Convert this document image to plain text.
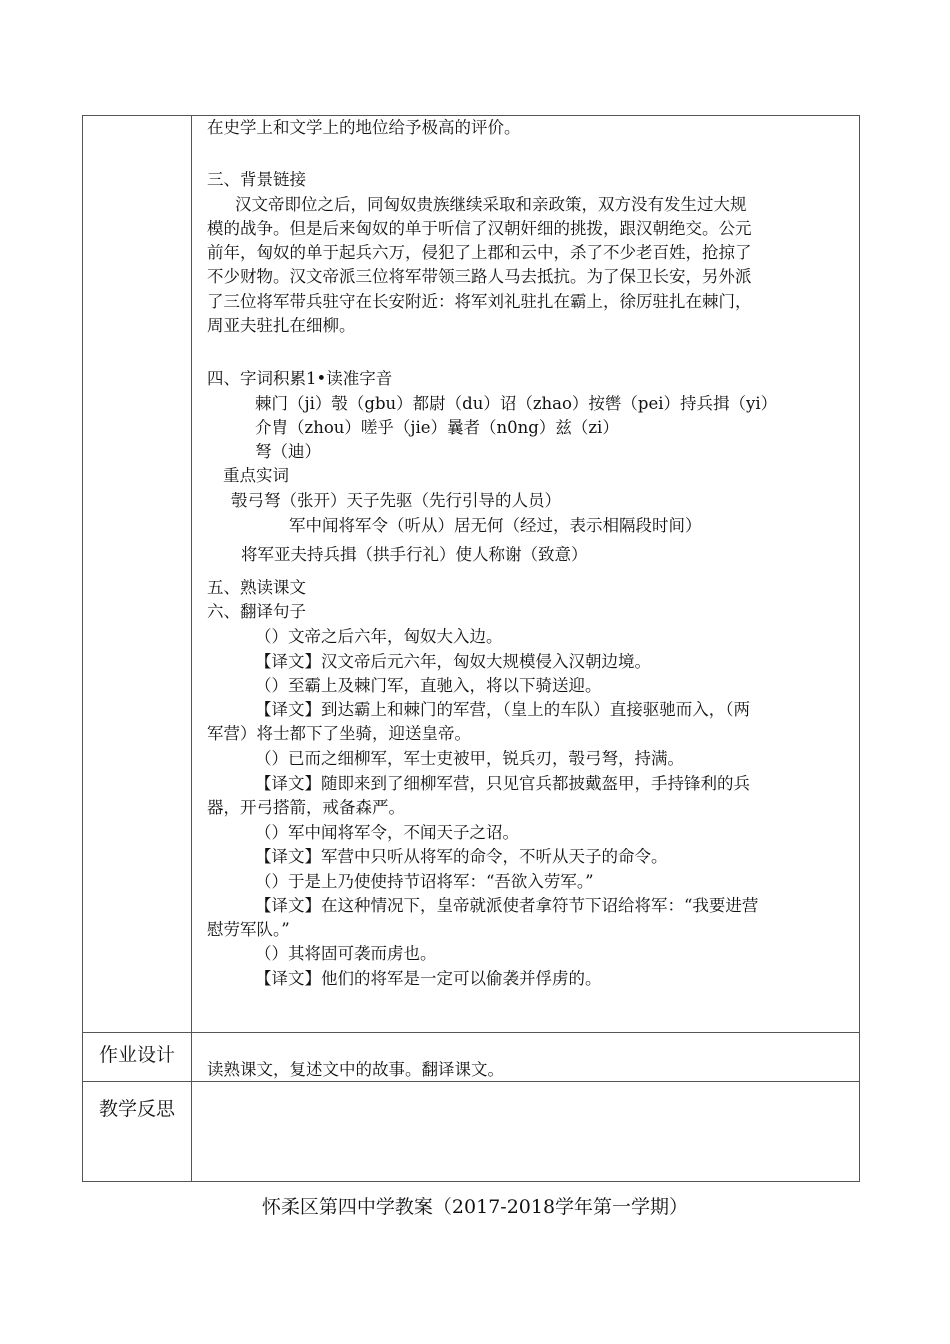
在史学上和文学上的地位给予极高的评价。
三、背景链接
汉文帝即位之后，同匈奴贵族继续采取和亲政策，双方没有发生过大规
模的战争。但是后来匈奴的单于听信了汉朝奸细的挑拨，跟汉朝绝交。公元
前年，匈奴的单于起兵六万，侵犯了上郡和云中，杀了不少老百姓，抢掠了
不少财物。汉文帝派三位将军带领三路人马去抵抗。为了保卫长安，另外派
了三位将军带兵驻守在长安附近：将军刘礼驻扎在霸上，徐厉驻扎在棘门，
周亚夫驻扎在细柳。
四、字词积累1•读准字音
棘门（ji）彀（gbu）都尉（du）诏（zhao）按辔（pei）持兵揖（yi）
介胄（zhou）嗟乎（jie）曩者（n0ng）兹（zi）
弩（迪）
重点实词
彀弓弩（张开）天子先驱（先行引导的人员）
军中闻将军令（听从）居无何（经过，表示相隔段时间）
将军亚夫持兵揖（拱手行礼）使人称谢（致意）
五、熟读课文
六、翻译句子
（）文帝之后六年，匈奴大入边。
【译文】汉文帝后元六年，匈奴大规模侵入汉朝边境。
（）至霸上及棘门军，直驰入，将以下骑送迎。
【译文】到达霸上和棘门的军营，（皇上的车队）直接驱驰而入，（两
军营）将士都下了坐骑，迎送皇帝。
（）已而之细柳军，军士吏被甲，锐兵刃，彀弓弩，持满。
【译文】随即来到了细柳军营，只见官兵都披戴盔甲，手持锋利的兵
器，开弓搭箭，戒备森严。
（）军中闻将军令，不闻天子之诏。
【译文】军营中只听从将军的命令，不听从天子的命令。
（）于是上乃使使持节诏将军：“吾欲入劳军。”
【译文】在这种情况下，皇帝就派使者拿符节下诏给将军：“我要进营
慰劳军队。”
（）其将固可袭而虏也。
【译文】他们的将军是一定可以偷袭并俘虏的。
作业设计
读熟课文，复述文中的故事。翻译课文。
教学反思
怀柔区第四中学教案（2017-2018学年第一学期）
